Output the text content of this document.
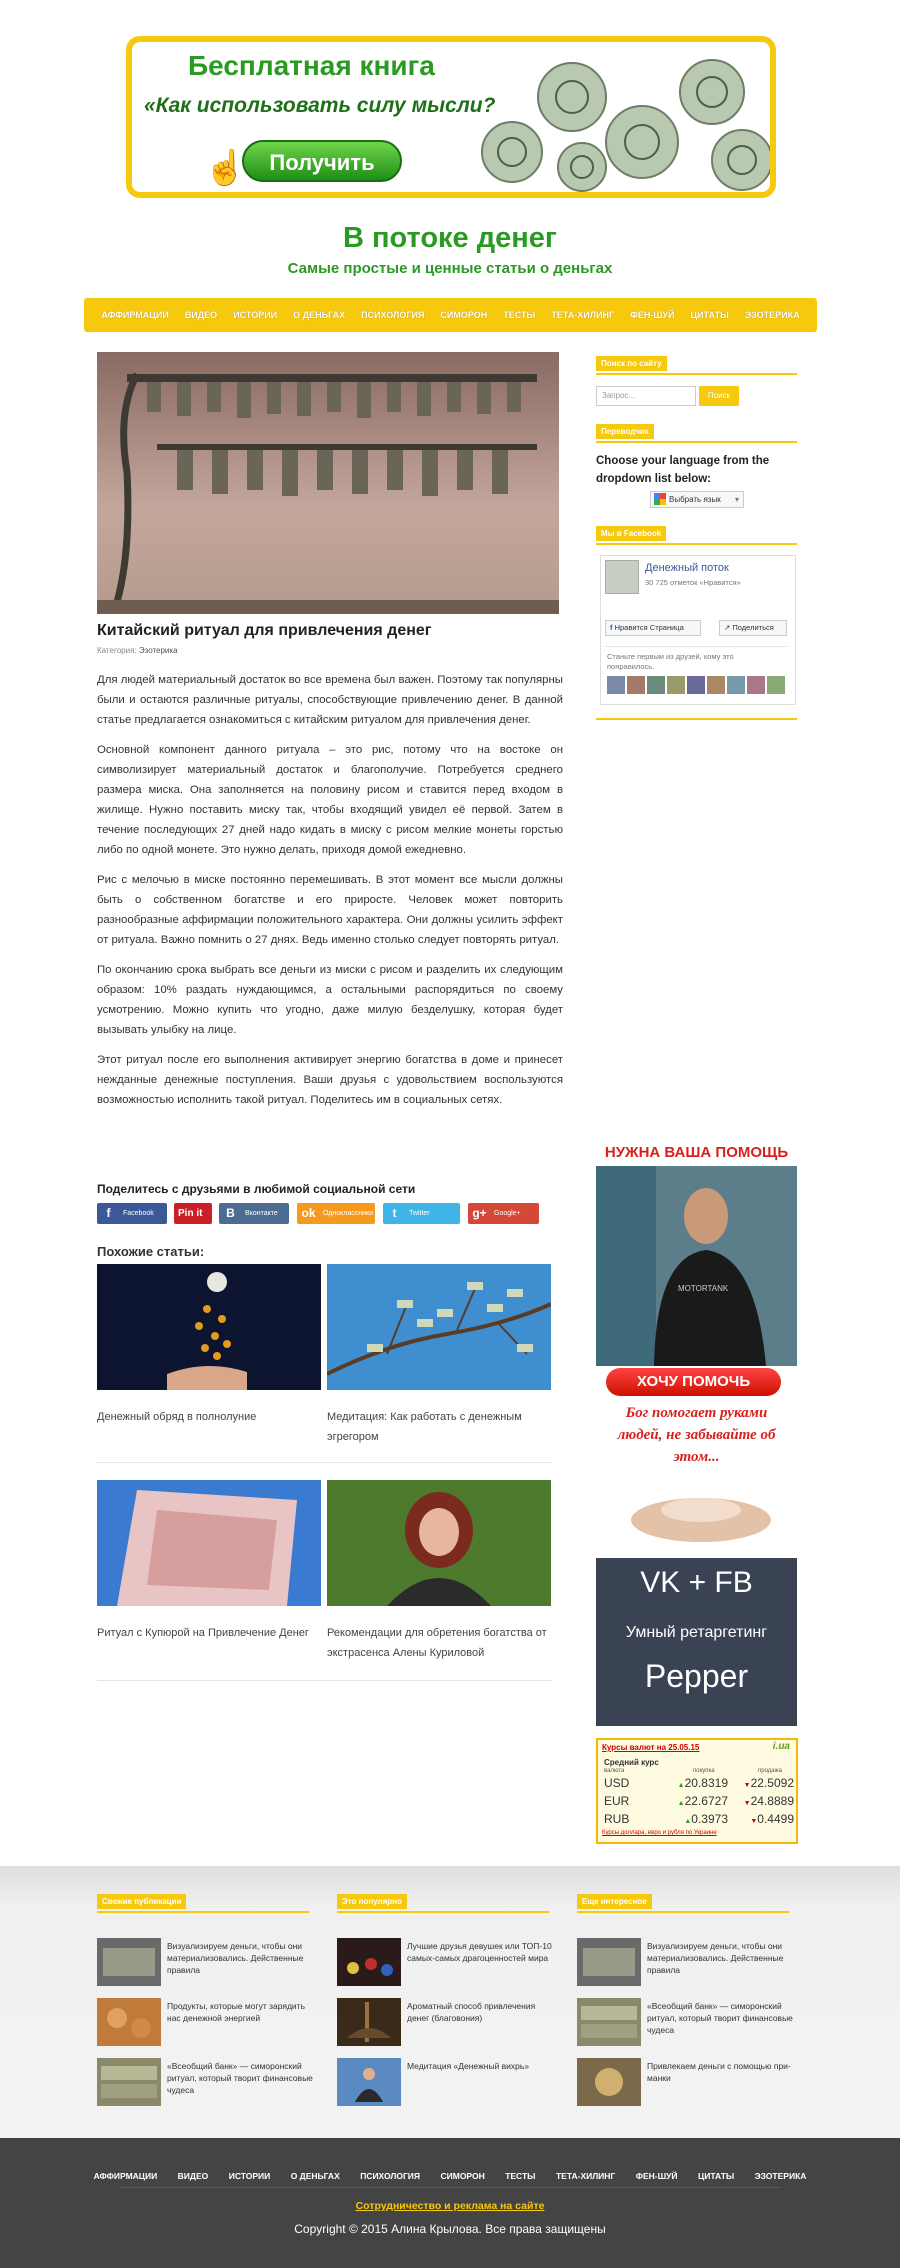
Бесплатная книга
«Как использовать силу мысли?
Получить
☝
В потоке денег
Самые простые и ценные статьи о деньгах
АФФИРМАЦИИ	ВИДЕО	ИСТОРИИ	О ДЕНЬГАХ	ПСИХОЛОГИЯ	СИМОРОН	ТЕСТЫ	ТЕТА-ХИЛИНГ	ФЕН-ШУЙ	ЦИТАТЫ	ЭЗОТЕРИКА
Китайский ритуал для привлечения денег
Категория: Эзотерика

Для людей материальный достаток во все времена был важен. Поэтому так популярны были и остаются различные ритуалы, способствующие привлечению денег. В данной статье предлагается ознакомиться с китайским ритуалом для привлечения денег.

Основной компонент данного ритуала – это рис, потому что на востоке он символизирует материальный достаток и благополучие. Потребуется среднего размера миска. Она заполняется на половину рисом и ставится перед входом в жилище. Нужно поставить миску так, чтобы входящий увидел её первой. Затем в течение последующих 27 дней надо кидать в миску с рисом мелкие монеты горстью либо по одной монете. Это нужно делать, приходя домой ежедневно.

Рис с мелочью в миске постоянно перемешивать. В этот момент все мысли должны быть о собственном богатстве и его приросте. Человек может повторить разнообразные аффирмации положительного характера. Они должны усилить эффект от ритуала. Важно помнить о 27 днях. Ведь именно столько следует повторять ритуал.

По окончанию срока выбрать все деньги из миски с рисом и разделить их следующим образом: 10% раздать нуждающимся, а остальными распорядиться по своему усмотрению. Можно купить что угодно, даже милую безделушку, которая будет вызывать улыбку на лице.

Этот ритуал после его выполнения активирует энергию богатства в доме и принесет нежданные денежные поступления. Ваши друзья с удовольствием воспользуются возможностью исполнить такой ритуал. Поделитесь им в социальных сетях.

Поделитесь с друзьями в любимой социальной сети
f	Facebook	Pin it	B	Вконтакте	ok Одноклассники	t	Twitter	g+ Google+
Похожие статьи:
Денежный обряд в полнолуние	Медитация: Как работать с денежным эгрегором
Ритуал с Купюрой на Привлечение Денег	Рекомендации для обретения богатства от экстрасенса Алены Куриловой
Поиск по сайту
Запрос...	Поиск
Переводчик
Choose your language from the dropdown list below:
Выбрать язык ▾
Мы в Facebook
Денежный поток
30 725 отметок «Нравится»
f Нравится Страница	↗ Поделиться
Станьте первым из друзей, кому это понравилось.
НУЖНА ВАША ПОМОЩЬ
MOTORTANK
ХОЧУ ПОМОЧЬ
Бог помогает руками людей, не забывайте об этом...
VK + FB
Умный ретаргетинг
Pepper
Курсы валют на 25.05.15	i.ua
Средний курс
валюта	покупка	продажа
USD	▲20.8319	▼22.5092
EUR	▲22.6727	▼24.8889
RUB	▲0.3973	▼0.4499
Курсы доллара, евро и рубля по Украине
Свежие публикации
Визуализируем деньги, чтобы они материализовались. Действенные правила
Продукты, которые могут зарядить нас денежной энергией
«Всеобщий банк» — симоронский ритуал, который творит финансовые чудеса
Это популярно
Лучшие друзья девушек или ТОП-10 самых-самых драгоценностей мира
Ароматный способ привлечения денег (благовония)
Медитация «Денежный вихрь»
Еще интересное
Визуализируем деньги, чтобы они материализовались. Действенные правила
«Всеобщий банк» — симоронский ритуал, который творит финансовые чудеса
Привлекаем деньги с помощью при-манки
АФФИРМАЦИИ ВИДЕО ИСТОРИИ О ДЕНЬГАХ ПСИХОЛОГИЯ СИМОРОН ТЕСТЫ ТЕТА-ХИЛИНГ ФЕН-ШУЙ ЦИТАТЫ ЭЗОТЕРИКА
Сотрудничество и реклама на сайте
Copyright © 2015 Алина Крылова. Все права защищены
